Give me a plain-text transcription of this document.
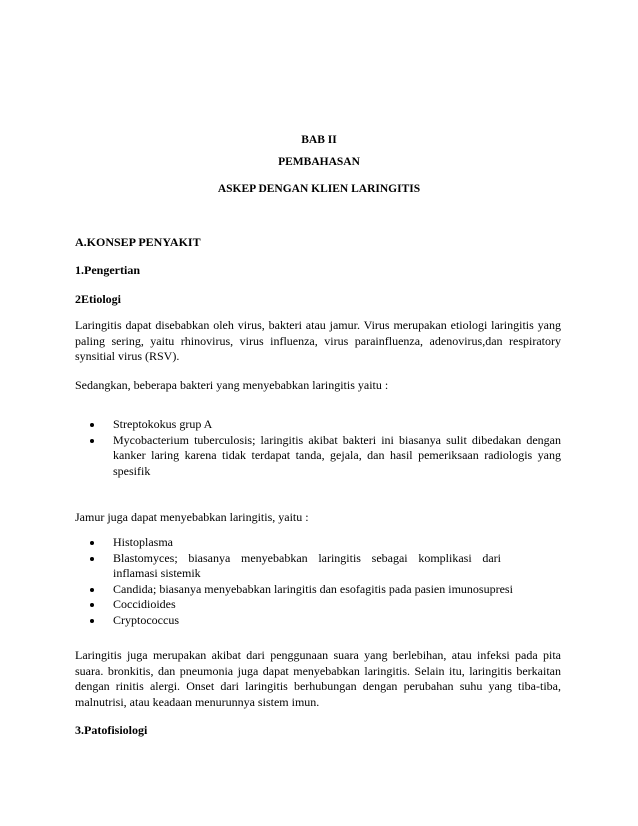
BAB II
PEMBAHASAN
ASKEP DENGAN KLIEN LARINGITIS
A.KONSEP PENYAKIT
1.Pengertian
2Etiologi
Laringitis dapat disebabkan oleh virus, bakteri atau jamur. Virus merupakan etiologi laringitis yang paling sering, yaitu rhinovirus, virus influenza, virus parainfluenza, adenovirus,dan respiratory synsitial virus (RSV).
Sedangkan, beberapa bakteri yang menyebabkan laringitis yaitu :
Streptokokus grup A
Mycobacterium tuberculosis; laringitis akibat bakteri ini biasanya sulit dibedakan dengan kanker laring karena tidak terdapat tanda, gejala, dan hasil pemeriksaan radiologis yang spesifik
Jamur juga dapat menyebabkan laringitis, yaitu :
Histoplasma
Blastomyces; biasanya menyebabkan laringitis sebagai komplikasi dari inflamasi sistemik
Candida; biasanya menyebabkan laringitis dan esofagitis pada pasien imunosupresi
Coccidioides
Cryptococcus
Laringitis juga merupakan akibat dari penggunaan suara yang berlebihan, atau infeksi pada pita suara. bronkitis, dan pneumonia juga dapat menyebabkan laringitis. Selain itu, laringitis berkaitan dengan rinitis alergi. Onset dari laringitis berhubungan dengan perubahan suhu yang tiba-tiba, malnutrisi, atau keadaan menurunnya sistem imun.
3.Patofisiologi
